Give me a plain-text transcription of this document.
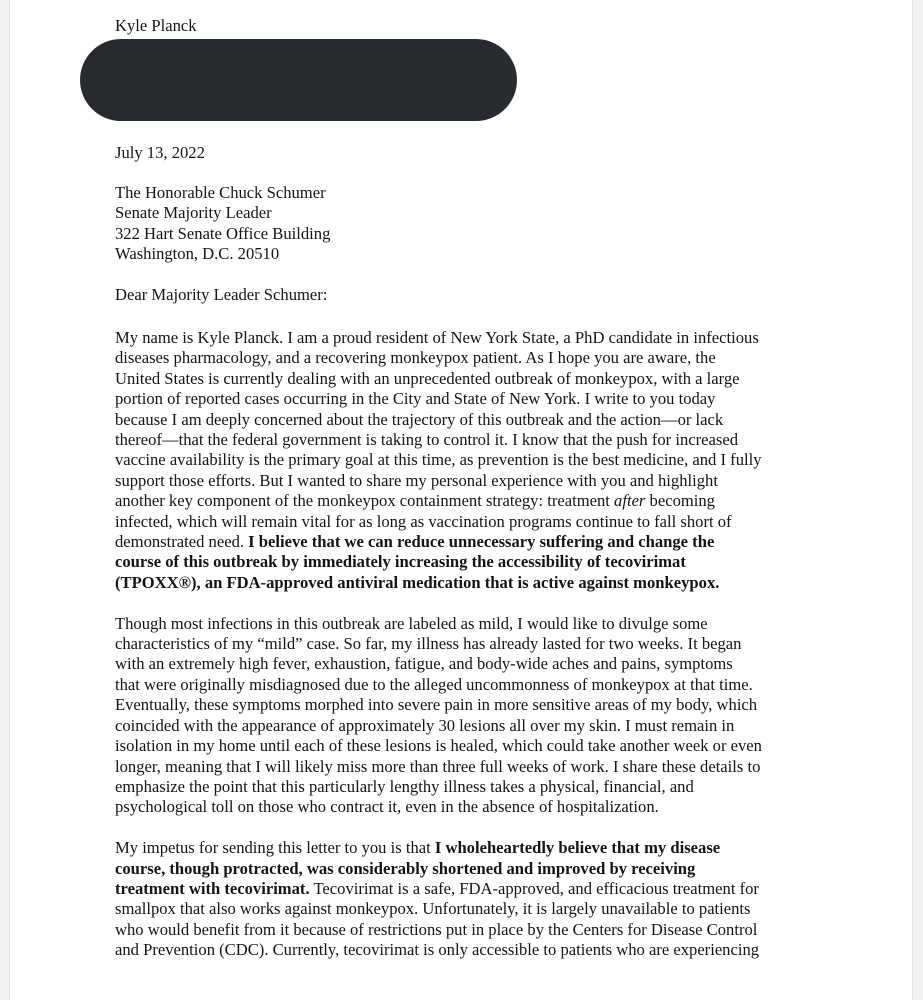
Kyle Planck
July 13, 2022
The Honorable Chuck Schumer
Senate Majority Leader
322 Hart Senate Office Building
Washington, D.C. 20510
Dear Majority Leader Schumer:
My name is Kyle Planck. I am a proud resident of New York State, a PhD candidate in infectious
diseases pharmacology, and a recovering monkeypox patient. As I hope you are aware, the
United States is currently dealing with an unprecedented outbreak of monkeypox, with a large
portion of reported cases occurring in the City and State of New York. I write to you today
because I am deeply concerned about the trajectory of this outbreak and the action—or lack
thereof—that the federal government is taking to control it. I know that the push for increased
vaccine availability is the primary goal at this time, as prevention is the best medicine, and I fully
support those efforts. But I wanted to share my personal experience with you and highlight
another key component of the monkeypox containment strategy: treatment after becoming
infected, which will remain vital for as long as vaccination programs continue to fall short of
demonstrated need. I believe that we can reduce unnecessary suffering and change the
course of this outbreak by immediately increasing the accessibility of tecovirimat
(TPOXX®), an FDA-approved antiviral medication that is active against monkeypox.
Though most infections in this outbreak are labeled as mild, I would like to divulge some
characteristics of my “mild” case. So far, my illness has already lasted for two weeks. It began
with an extremely high fever, exhaustion, fatigue, and body-wide aches and pains, symptoms
that were originally misdiagnosed due to the alleged uncommonness of monkeypox at that time.
Eventually, these symptoms morphed into severe pain in more sensitive areas of my body, which
coincided with the appearance of approximately 30 lesions all over my skin. I must remain in
isolation in my home until each of these lesions is healed, which could take another week or even
longer, meaning that I will likely miss more than three full weeks of work. I share these details to
emphasize the point that this particularly lengthy illness takes a physical, financial, and
psychological toll on those who contract it, even in the absence of hospitalization.
My impetus for sending this letter to you is that I wholeheartedly believe that my disease
course, though protracted, was considerably shortened and improved by receiving
treatment with tecovirimat. Tecovirimat is a safe, FDA-approved, and efficacious treatment for
smallpox that also works against monkeypox. Unfortunately, it is largely unavailable to patients
who would benefit from it because of restrictions put in place by the Centers for Disease Control
and Prevention (CDC). Currently, tecovirimat is only accessible to patients who are experiencing
